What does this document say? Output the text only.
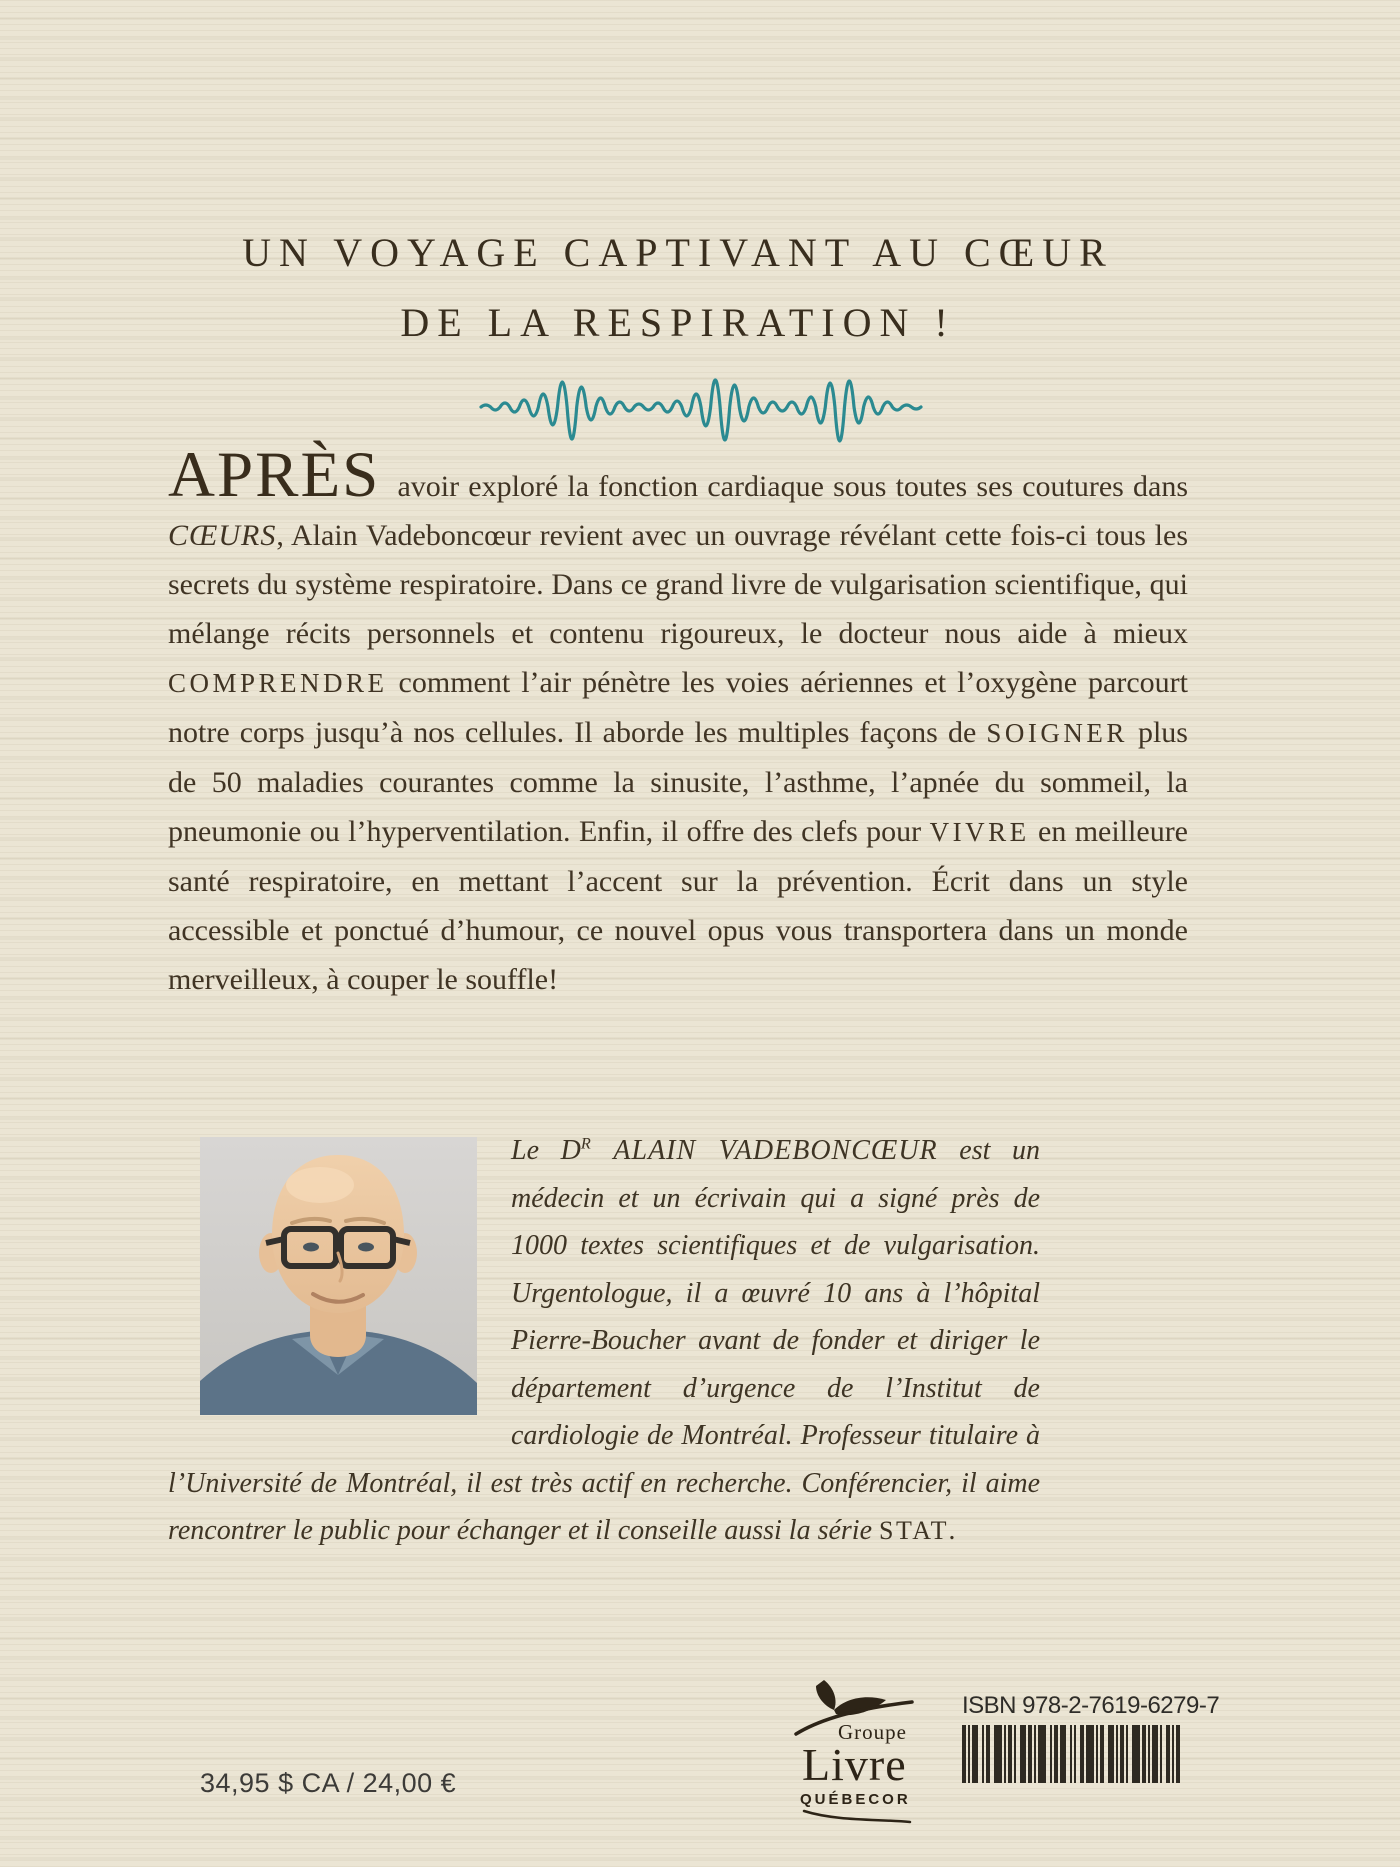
UN VOYAGE CAPTIVANT AU CŒUR
DE LA RESPIRATION !
APRÈS avoir exploré la fonction cardiaque sous toutes ses coutures dans CŒURS, Alain Vadeboncœur revient avec un ouvrage révélant cette fois-ci tous les secrets du système respiratoire. Dans ce grand livre de vulgarisation scientifique, qui mélange récits personnels et contenu rigoureux, le docteur nous aide à mieux COMPRENDRE comment l’air pénètre les voies aériennes et l’oxygène parcourt notre corps jusqu’à nos cellules. Il aborde les multiples façons de SOIGNER plus de 50 maladies courantes comme la sinusite, l’asthme, l’apnée du sommeil, la pneumonie ou l’hyperventilation. Enfin, il offre des clefs pour VIVRE en meilleure santé respiratoire, en mettant l’accent sur la prévention. Écrit dans un style accessible et ponctué d’humour, ce nouvel opus vous transportera dans un monde merveilleux, à couper le souffle!
Le $D^R$ ALAIN VADEBONCŒUR est un médecin et un écrivain qui a signé près de 1000 textes scientifiques et de vulgarisation. Urgentologue, il a œuvré 10 ans à l’hôpital Pierre-Boucher avant de fonder et diriger le département d’urgence de l’Institut de cardiologie de Montréal. Professeur titulaire à l’Université de Montréal, il est très actif en recherche. Conférencier, il aime rencontrer le public pour échanger et il conseille aussi la série STAT.
34,95 $ CA / 24,00 €
Groupe
Livre
QUÉBECOR
ISBN 978-2-7619-6279-7
